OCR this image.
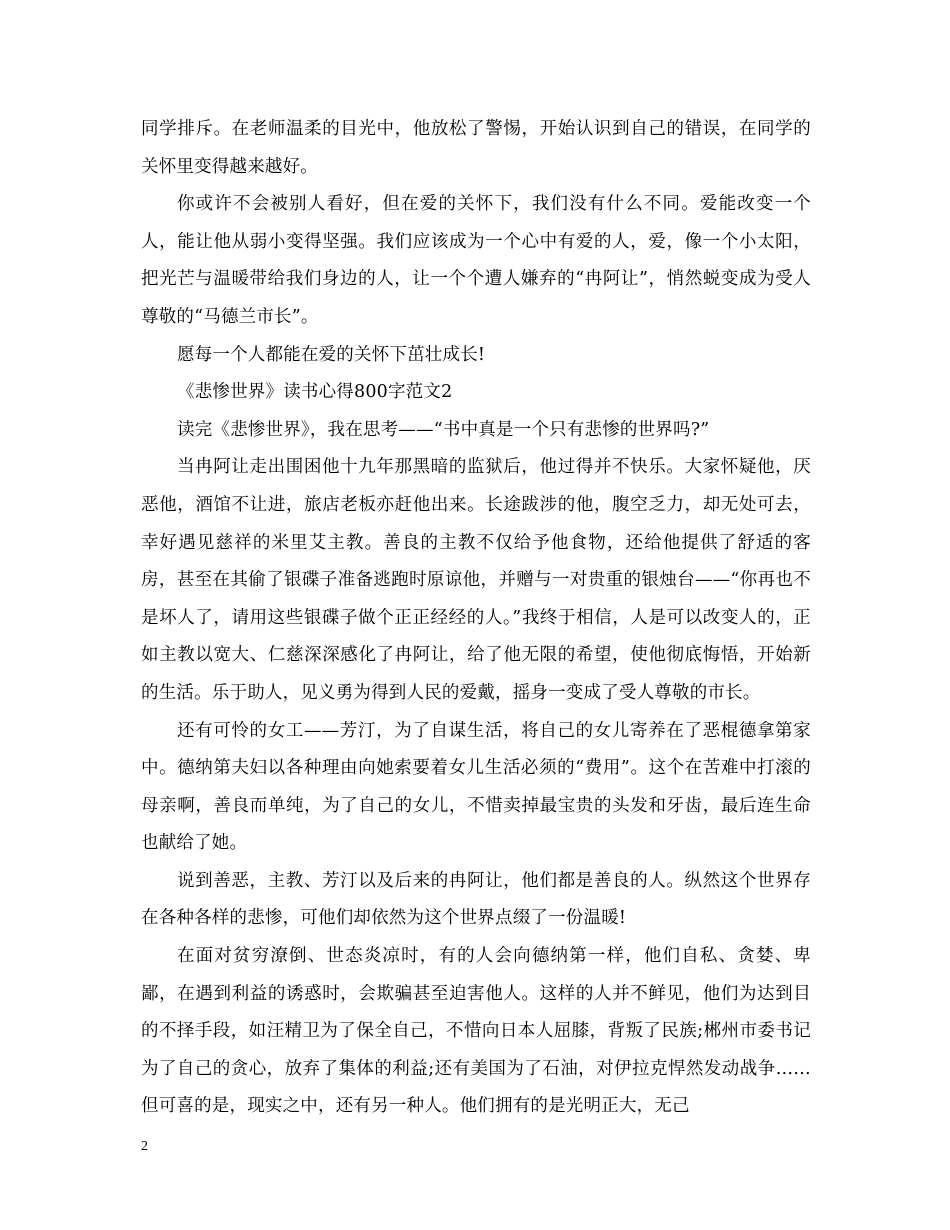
同学排斥。在老师温柔的目光中，他放松了警惕，开始认识到自己的错误，在同学的关怀里变得越来越好。

你或许不会被别人看好，但在爱的关怀下，我们没有什么不同。爱能改变一个人，能让他从弱小变得坚强。我们应该成为一个心中有爱的人，爱，像一个小太阳，把光芒与温暖带给我们身边的人，让一个个遭人嫌弃的“冉阿让”，悄然蜕变成为受人尊敬的“马德兰市长”。

愿每一个人都能在爱的关怀下茁壮成长!

《悲惨世界》读书心得800字范文2

读完《悲惨世界》，我在思考——“书中真是一个只有悲惨的世界吗?”

当冉阿让走出围困他十九年那黑暗的监狱后，他过得并不快乐。大家怀疑他，厌恶他，酒馆不让进，旅店老板亦赶他出来。长途跋涉的他，腹空乏力，却无处可去，幸好遇见慈祥的米里艾主教。善良的主教不仅给予他食物，还给他提供了舒适的客房，甚至在其偷了银碟子准备逃跑时原谅他，并赠与一对贵重的银烛台——“你再也不是坏人了，请用这些银碟子做个正正经经的人。”我终于相信，人是可以改变人的，正如主教以宽大、仁慈深深感化了冉阿让，给了他无限的希望，使他彻底悔悟，开始新的生活。乐于助人，见义勇为得到人民的爱戴，摇身一变成了受人尊敬的市长。

还有可怜的女工——芳汀，为了自谋生活，将自己的女儿寄养在了恶棍德拿第家中。德纳第夫妇以各种理由向她索要着女儿生活必须的“费用”。这个在苦难中打滚的母亲啊，善良而单纯，为了自己的女儿，不惜卖掉最宝贵的头发和牙齿，最后连生命也献给了她。

说到善恶，主教、芳汀以及后来的冉阿让，他们都是善良的人。纵然这个世界存在各种各样的悲惨，可他们却依然为这个世界点缀了一份温暖!

在面对贫穷潦倒、世态炎凉时，有的人会向德纳第一样，他们自私、贪婪、卑鄙，在遇到利益的诱惑时，会欺骗甚至迫害他人。这样的人并不鲜见，他们为达到目的不择手段，如汪精卫为了保全自己，不惜向日本人屈膝，背叛了民族;郴州市委书记为了自己的贪心，放弃了集体的利益;还有美国为了石油，对伊拉克悍然发动战争……但可喜的是，现实之中，还有另一种人。他们拥有的是光明正大，无己

2
